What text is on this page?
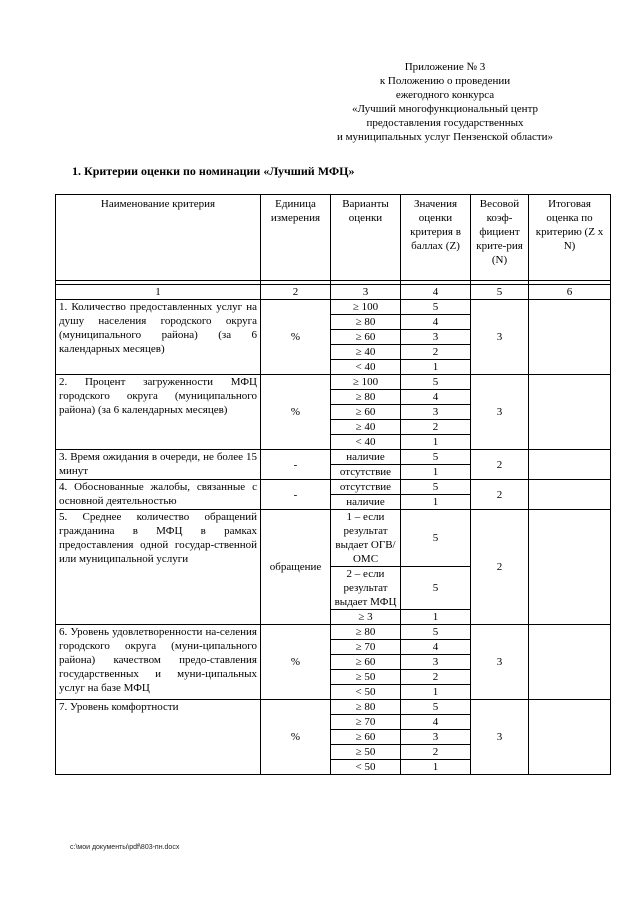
Приложение № 3
к Положению о проведении
ежегодного конкурса
«Лучший многофункциональный центр
предоставления государственных
и муниципальных услуг Пензенской области»
1. Критерии оценки по номинации «Лучший МФЦ»
Наименование критерия	Единица измерения	Варианты оценки	Значения оценки критерия в баллах (Z)	Весовой коэф-фициент крите-рия (N)	Итоговая оценка по критерию (Z x N)

1	2	3	4	5	6
1. Количество предоставленных услуг на душу населения городского округа (муниципального района) (за 6 календарных месяцев)	%	≥ 100	5	3	
		≥ 80	4		
		≥ 60	3		
		≥ 40	2		
		< 40	1		
2. Процент загруженности МФЦ городского округа (муниципального района) (за 6 календарных месяцев)	%	≥ 100	5	3	
		≥ 80	4		
		≥ 60	3		
		≥ 40	2		
		< 40	1		
3. Время ожидания в очереди, не более 15 минут	-	наличие	5	2	
		отсутствие	1		
4. Обоснованные жалобы, связанные с основной деятельностью	-	отсутствие	5	2	
		наличие	1		
5. Среднее количество обращений гражданина в МФЦ в рамках предоставления одной государ-ственной или муниципальной услуги	обращение	1 – если результат выдает ОГВ/ОМС	5	2	
		2 – если результат выдает МФЦ	5		
		≥ 3	1		
6. Уровень удовлетворенности на-селения городского округа (муни-ципального района) качеством предо-ставления государственных и муни-ципальных услуг на базе МФЦ	%	≥ 80	5	3	
		≥ 70	4		
		≥ 60	3		
		≥ 50	2		
		< 50	1		
7. Уровень комфортности	%	≥ 80	5	3	
		≥ 70	4		
		≥ 60	3		
		≥ 50	2		
		< 50	1		
c:\мои документы\pdf\803-пн.docx
